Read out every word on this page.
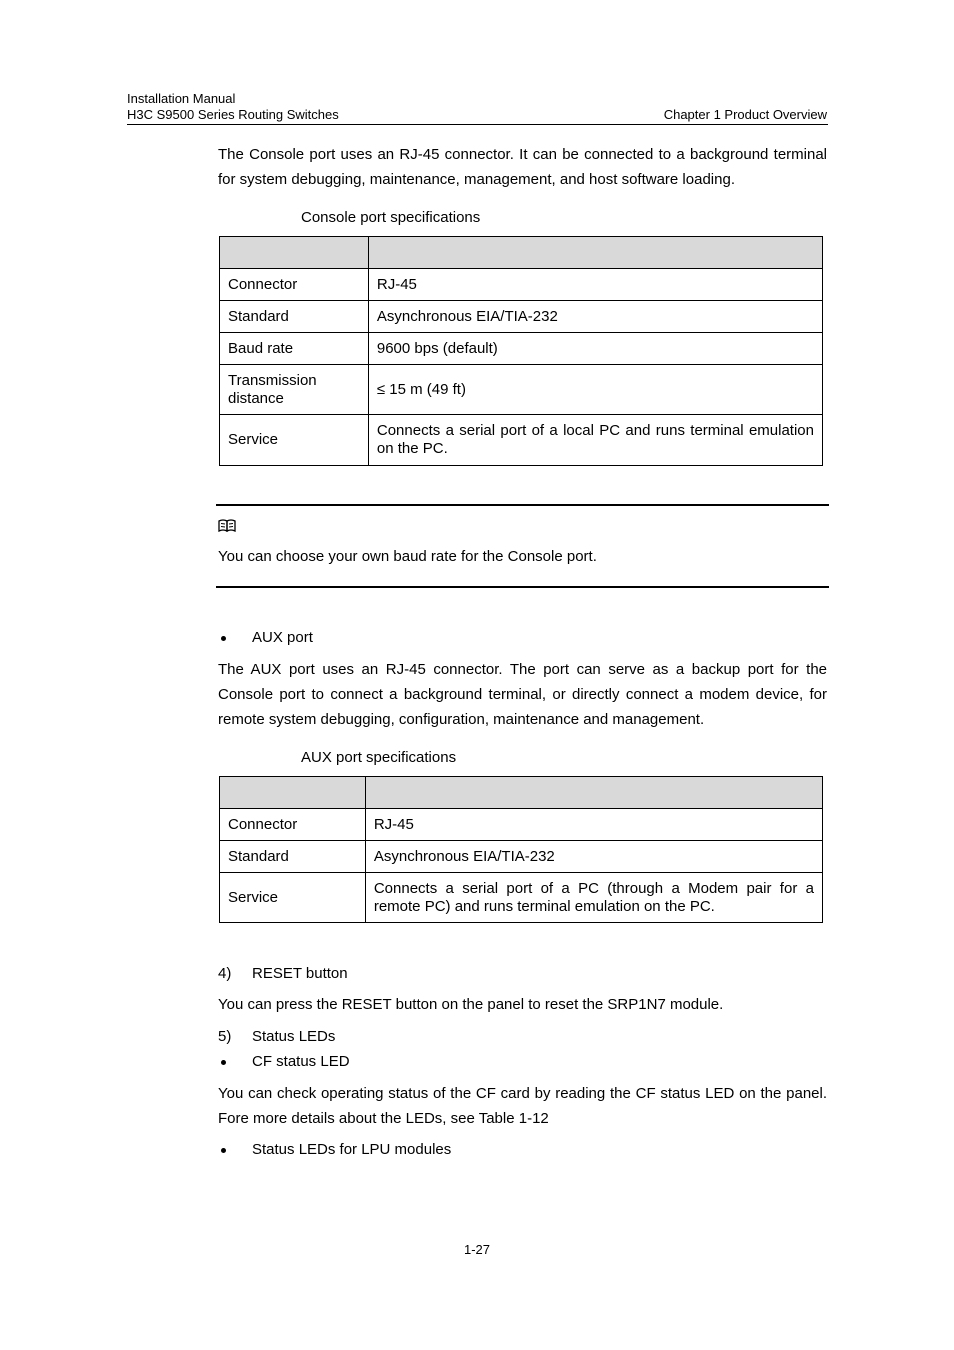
Installation Manual
H3C S9500 Series Routing Switches	Chapter 1 Product Overview
The Console port uses an RJ-45 connector. It can be connected to a background terminal for system debugging, maintenance, management, and host software loading.
Console port specifications

Connector	RJ-45
Standard	Asynchronous EIA/TIA-232
Baud rate	9600 bps (default)
Transmission distance	≤ 15 m (49 ft)
Service	Connects a serial port of a local PC and runs terminal emulation on the PC.
You can choose your own baud rate for the Console port.
AUX port
The AUX port uses an RJ-45 connector. The port can serve as a backup port for the Console port to connect a background terminal, or directly connect a modem device, for remote system debugging, configuration, maintenance and management.
AUX port specifications

Connector	RJ-45
Standard	Asynchronous EIA/TIA-232
Service	Connects a serial port of a PC (through a Modem pair for a remote PC) and runs terminal emulation on the PC.
4) RESET button
You can press the RESET button on the panel to reset the SRP1N7 module.
5) Status LEDs
CF status LED
You can check operating status of the CF card by reading the CF status LED on the panel. Fore more details about the LEDs, see Table 1-12
Status LEDs for LPU modules
1-27
